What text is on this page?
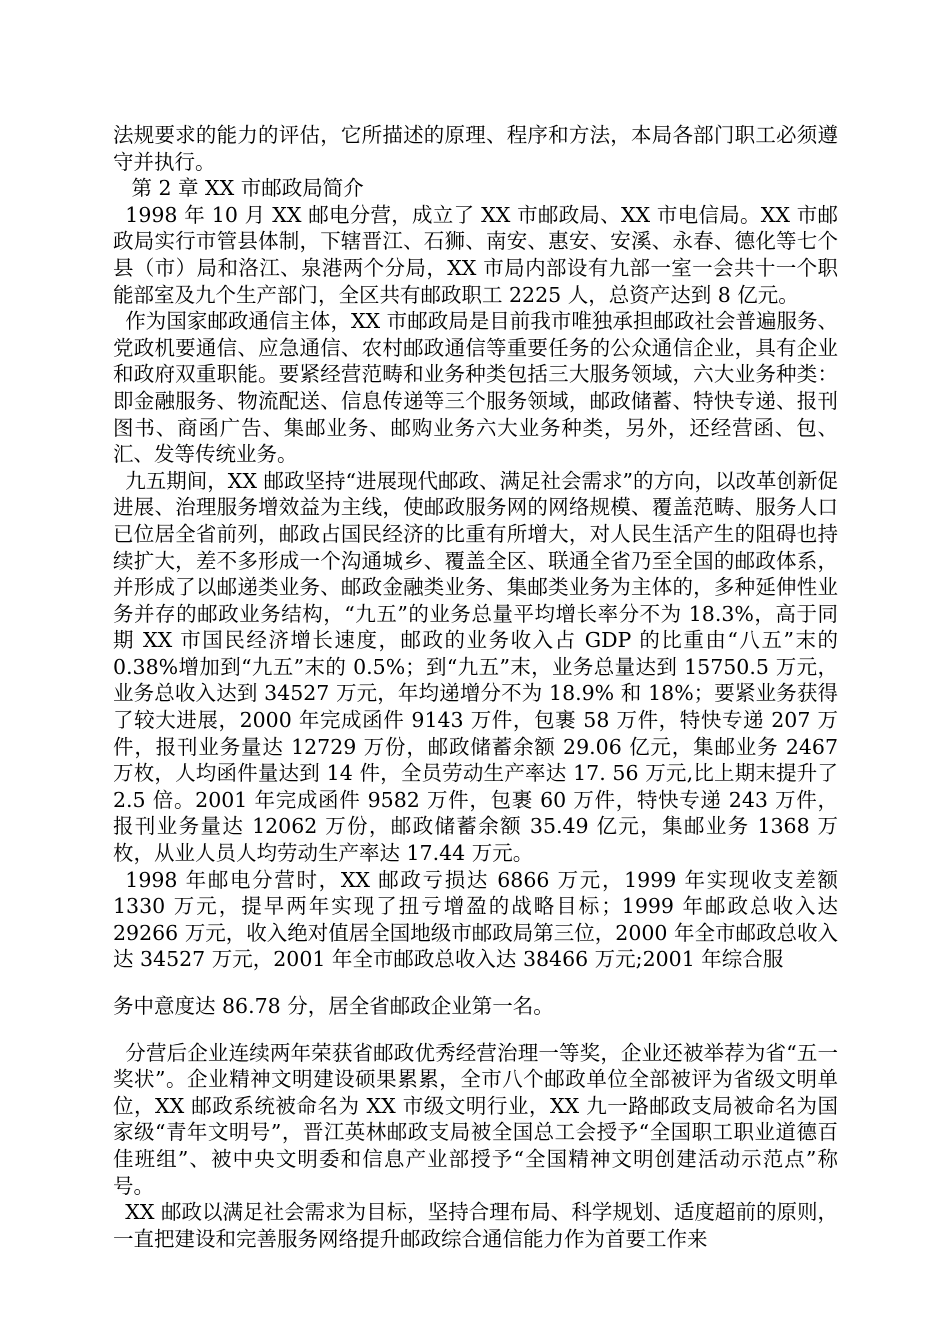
法规要求的能力的评估，它所描述的原理、程序和方法，本局各部门职工必须遵守并执行。

第 2 章 XX 市邮政局简介

1998 年 10 月 XX 邮电分营，成立了 XX 市邮政局、XX 市电信局。XX 市邮政局实行市管县体制，下辖晋江、石狮、南安、惠安、安溪、永春、德化等七个县（市）局和洛江、泉港两个分局，XX 市局内部设有九部一室一会共十一个职能部室及九个生产部门，全区共有邮政职工 2225 人，总资产达到 8 亿元。

作为国家邮政通信主体，XX 市邮政局是目前我市唯独承担邮政社会普遍服务、党政机要通信、应急通信、农村邮政通信等重要任务的公众通信企业，具有企业和政府双重职能。要紧经营范畴和业务种类包括三大服务领域，六大业务种类：即金融服务、物流配送、信息传递等三个服务领域，邮政储蓄、特快专递、报刊图书、商函广告、集邮业务、邮购业务六大业务种类，另外，还经营函、包、汇、发等传统业务。

九五期间，XX 邮政坚持“进展现代邮政、满足社会需求”的方向，以改革创新促进展、治理服务增效益为主线，使邮政服务网的网络规模、覆盖范畴、服务人口已位居全省前列，邮政占国民经济的比重有所增大，对人民生活产生的阻碍也持续扩大，差不多形成一个沟通城乡、覆盖全区、联通全省乃至全国的邮政体系，并形成了以邮递类业务、邮政金融类业务、集邮类业务为主体的，多种延伸性业务并存的邮政业务结构，“九五”的业务总量平均增长率分不为 18.3%，高于同期 XX 市国民经济增长速度，邮政的业务收入占 GDP 的比重由“八五”末的 0.38%增加到“九五”末的 0.5%；到“九五”末，业务总量达到 15750.5 万元，业务总收入达到 34527 万元，年均递增分不为 18.9% 和 18%；要紧业务获得了较大进展，2000 年完成函件 9143 万件，包裹 58 万件，特快专递 207 万件，报刊业务量达 12729 万份，邮政储蓄余额 29.06 亿元，集邮业务 2467 万枚，人均函件量达到 14 件，全员劳动生产率达 17. 56 万元,比上期末提升了 2.5 倍。2001 年完成函件 9582 万件，包裹 60 万件，特快专递 243 万件，报刊业务量达 12062 万份，邮政储蓄余额 35.49 亿元，集邮业务 1368 万枚，从业人员人均劳动生产率达 17.44 万元。

1998 年邮电分营时，XX 邮政亏损达 6866 万元，1999 年实现收支差额 1330 万元，提早两年实现了扭亏增盈的战略目标；1999 年邮政总收入达 29266 万元，收入绝对值居全国地级市邮政局第三位，2000 年全市邮政总收入达 34527 万元，2001 年全市邮政总收入达 38466 万元;2001 年综合服

务中意度达 86.78 分，居全省邮政企业第一名。

分营后企业连续两年荣获省邮政优秀经营治理一等奖，企业还被举荐为省“五一奖状”。企业精神文明建设硕果累累，全市八个邮政单位全部被评为省级文明单位，XX 邮政系统被命名为 XX 市级文明行业，XX 九一路邮政支局被命名为国家级“青年文明号”，晋江英林邮政支局被全国总工会授予“全国职工职业道德百佳班组”、被中央文明委和信息产业部授予“全国精神文明创建活动示范点”称号。

XX 邮政以满足社会需求为目标，坚持合理布局、科学规划、适度超前的原则，一直把建设和完善服务网络提升邮政综合通信能力作为首要工作来
